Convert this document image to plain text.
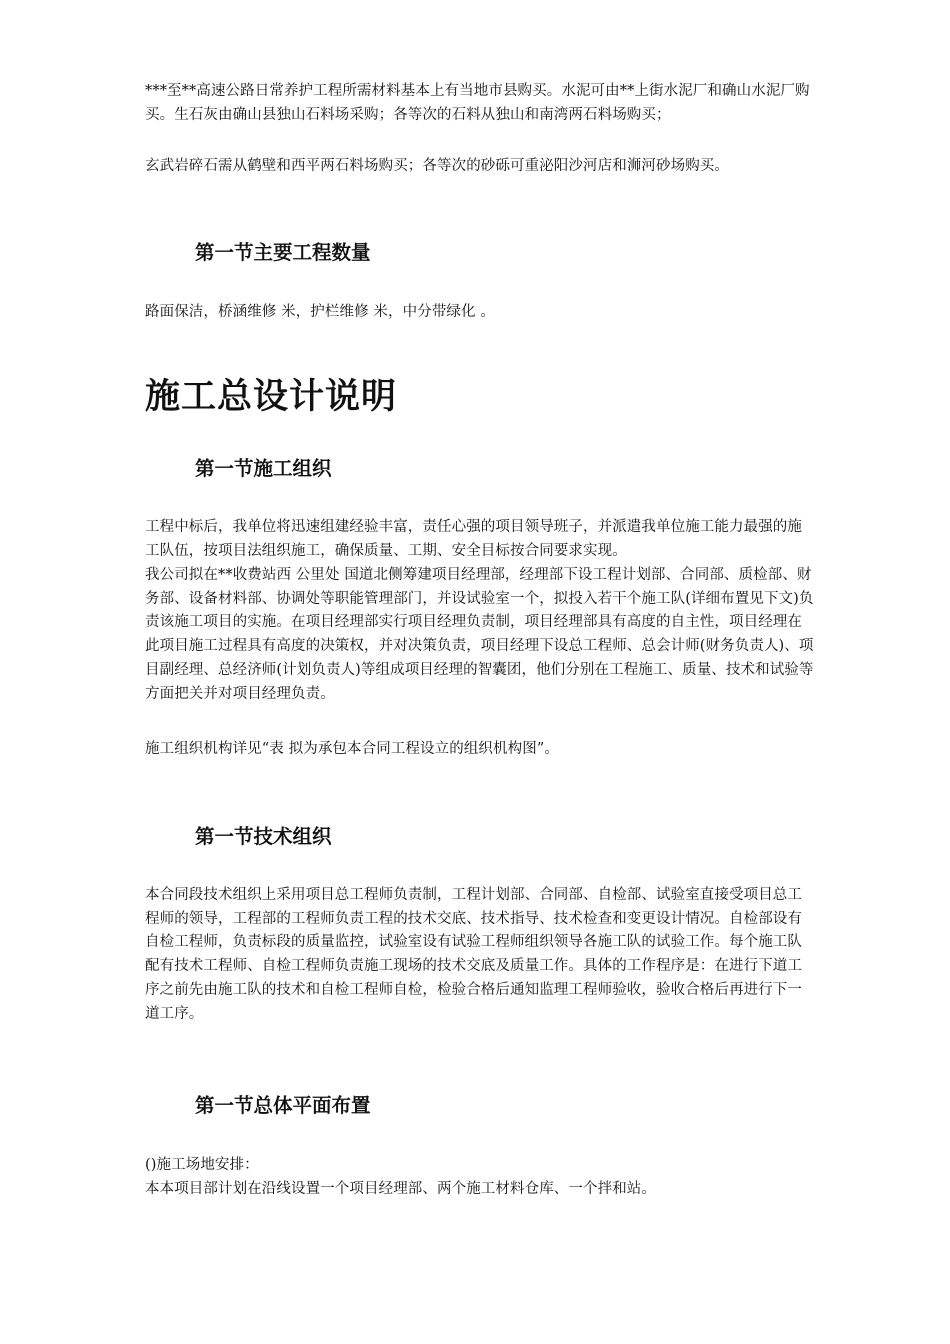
***至**高速公路日常养护工程所需材料基本上有当地市县购买。水泥可由**上街水泥厂和确山水泥厂购买。生石灰由确山县独山石料场采购；各等次的石料从独山和南湾两石料场购买；

玄武岩碎石需从鹤壁和西平两石料场购买；各等次的砂砾可重泌阳沙河店和浉河砂场购买。

第一节主要工程数量

路面保洁，桥涵维修 米，护栏维修 米，中分带绿化 。

施工总设计说明
第一节施工组织

工程中标后，我单位将迅速组建经验丰富，责任心强的项目领导班子，并派遣我单位施工能力最强的施工队伍，按项目法组织施工，确保质量、工期、安全目标按合同要求实现。

我公司拟在**收费站西 公里处 国道北侧筹建项目经理部，经理部下设工程计划部、合同部、质检部、财务部、设备材料部、协调处等职能管理部门，并设试验室一个，拟投入若干个施工队(详细布置见下文)负责该施工项目的实施。在项目经理部实行项目经理负责制，项目经理部具有高度的自主性，项目经理在此项目施工过程具有高度的决策权，并对决策负责，项目经理下设总工程师、总会计师(财务负责人)、项目副经理、总经济师(计划负责人)等组成项目经理的智囊团，他们分别在工程施工、质量、技术和试验等方面把关并对项目经理负责。

施工组织机构详见“表 拟为承包本合同工程设立的组织机构图”。

第一节技术组织

本合同段技术组织上采用项目总工程师负责制，工程计划部、合同部、自检部、试验室直接受项目总工程师的领导，工程部的工程师负责工程的技术交底、技术指导、技术检查和变更设计情况。自检部设有自检工程师，负责标段的质量监控，试验室设有试验工程师组织领导各施工队的试验工作。每个施工队配有技术工程师、自检工程师负责施工现场的技术交底及质量工作。具体的工作程序是：在进行下道工序之前先由施工队的技术和自检工程师自检，检验合格后通知监理工程师验收，验收合格后再进行下一道工序。

第一节总体平面布置

()施工场地安排：

本本项目部计划在沿线设置一个项目经理部、两个施工材料仓库、一个拌和站。
